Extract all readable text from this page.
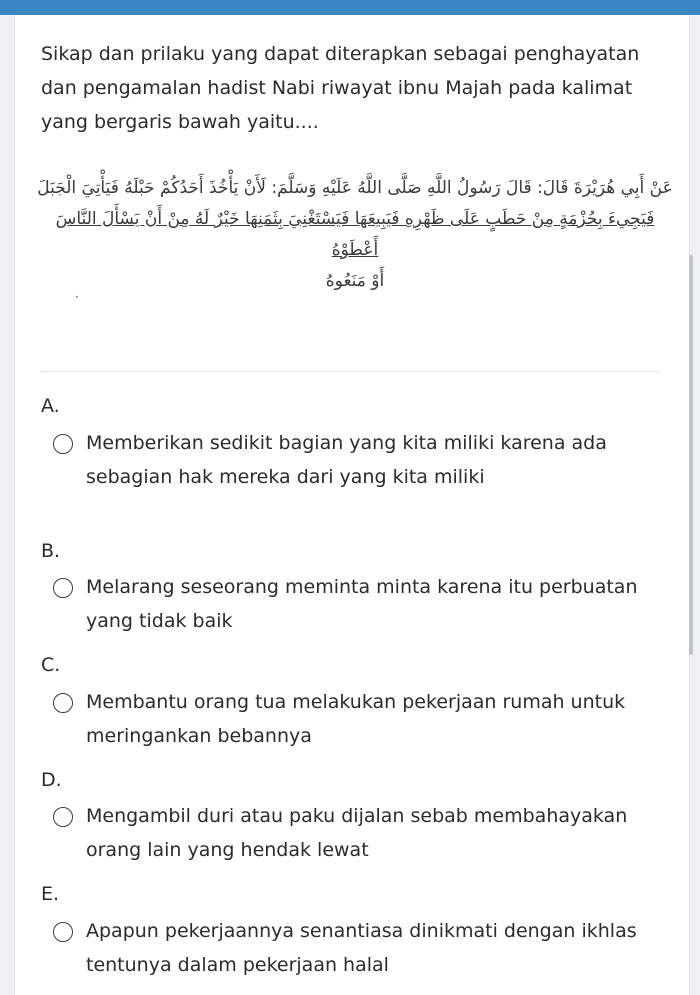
Sikap dan prilaku yang dapat diterapkan sebagai penghayatan dan pengamalan hadist Nabi riwayat ibnu Majah pada kalimat yang bergaris bawah yaitu....
عَنْ أَبِي هُرَيْرَةَ قَالَ: قَالَ رَسُولُ اللَّهِ صَلَّى اللَّهُ عَلَيْهِ وَسَلَّمَ: لَأَنْ يَأْخُذَ أَحَدُكُمْ حَبْلَهُ فَيَأْتِيَ الْجَبَلَ
فَيَجِيءَ بِحُزْمَةٍ مِنْ حَطَبٍ عَلَى ظَهْرِهِ فَيَبِيعَهَا فَيَسْتَغْنِيَ بِثَمَنِهَا خَيْرٌ لَهُ مِنْ أَنْ يَسْأَلَ النَّاسَ أَعْطَوْهُ
أَوْ مَنَعُوهُ
·
A.
Memberikan sedikit bagian yang kita miliki karena ada sebagian hak mereka dari yang kita miliki
B.
Melarang seseorang meminta minta karena itu perbuatan yang tidak baik
C.
Membantu orang tua melakukan pekerjaan rumah untuk meringankan bebannya
D.
Mengambil duri atau paku dijalan sebab membahayakan orang lain yang hendak lewat
E.
Apapun pekerjaannya senantiasa dinikmati dengan ikhlas tentunya dalam pekerjaan halal
